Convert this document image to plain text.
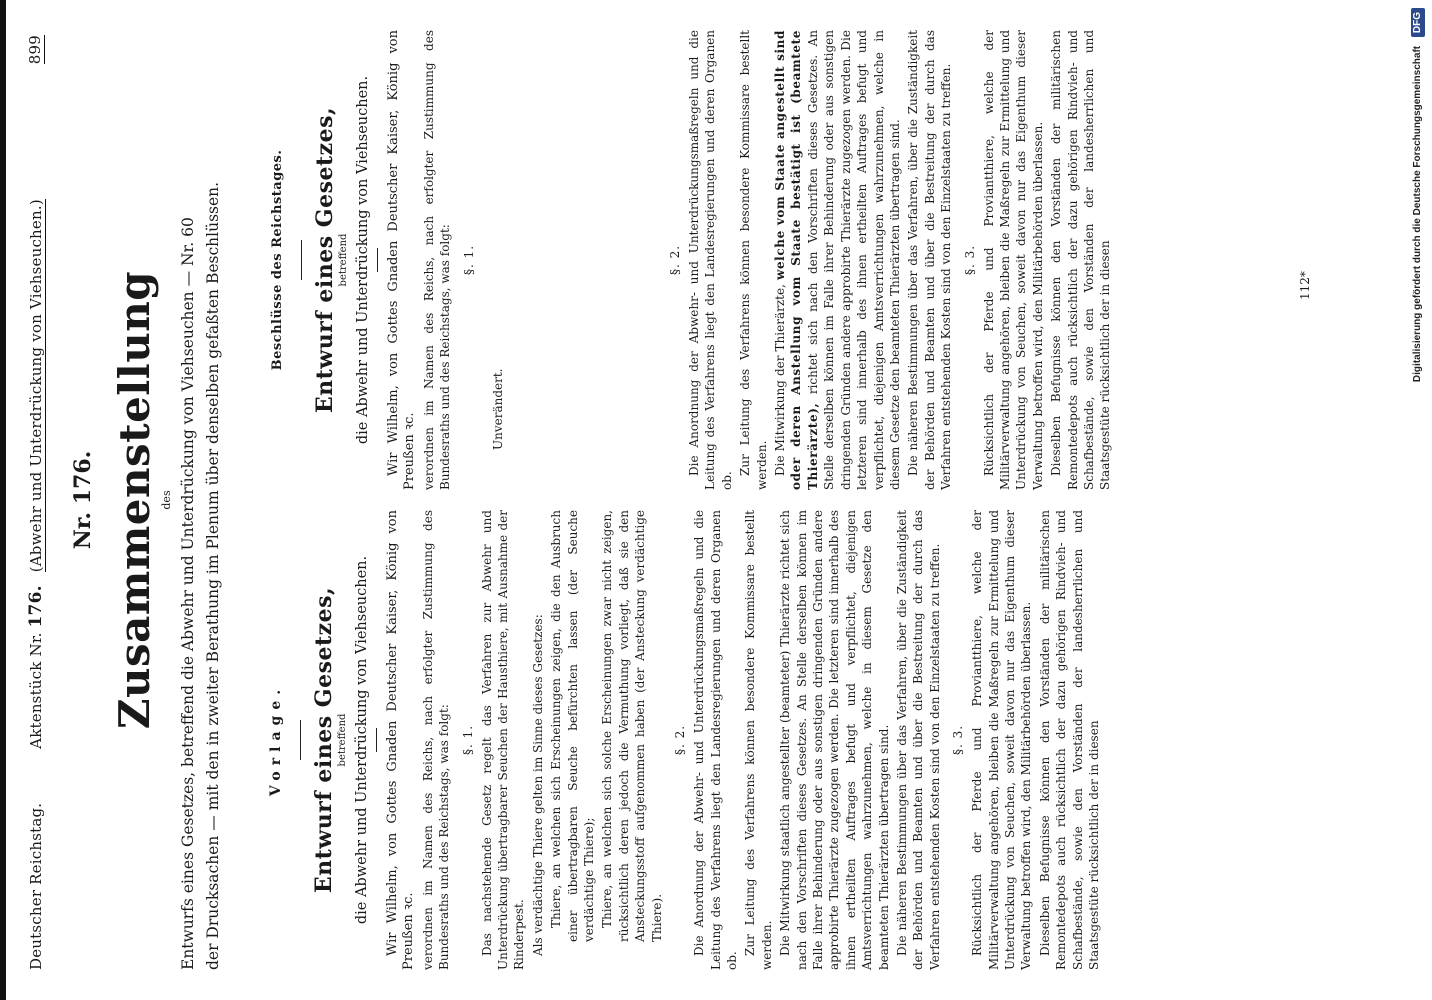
Deutscher Reichstag.  Aktenstück Nr. 176. (Abwehr und Unterdrückung von Viehseuchen.)
899
Nr. 176. Zusammenstellung des Entwurfs eines Gesetzes, betreffend die Abwehr und Unterdrückung von Viehseuchen — Nr. 60 der Drucksachen — mit den in zweiter Berathung im Plenum über denselben gefaßten Beschlüssen.	Vorlage. Entwurf eines Gesetzes, betreffend die Abwehr und Unterdrückung von Viehseuchen. Wir Wilhelm, von Gottes Gnaden Deutscher Kaiser, König von Preußen ꝛc. verordnen im Namen des Reichs, nach erfolgter Zustimmung des Bundesraths und des Reichstags, was folgt: §. 1. Das nachstehende Gesetz regelt das Verfahren zur Abwehr und Unterdrückung übertragbarer Seuchen der Hausthiere, mit Ausnahme der Rinderpest. Als verdächtige Thiere gelten im Sinne dieses Gesetzes: Thiere, an welchen sich Erscheinungen zeigen, die den Ausbruch einer übertragbaren Seuche befürchten lassen (der Seuche verdächtige Thiere); Thiere, an welchen sich solche Erscheinungen zwar nicht zeigen, rücksichtlich deren jedoch die Vermuthung vorliegt, daß sie den Ansteckungsstoff aufgenommen haben (der Ansteckung verdächtige Thiere).
§. 2. Die Anordnung der Abwehr- und Unterdrückungsmaßregeln und die Leitung des Verfahrens liegt den Landesregierungen und deren Organen ob.
Zur Leitung des Verfahrens können besondere Kommissare bestellt werden. Die Mitwirkung staatlich angestellter (beamteter) Thierärzte richtet sich nach den Vorschriften dieses Gesetzes. An Stelle derselben können im Falle ihrer Behinderung oder aus sonstigen dringenden Gründen andere approbirte Thierärzte zugezogen werden. Die letzteren sind innerhalb des ihnen ertheilten Auftrages befugt und verpflichtet, diejenigen Amtsverrichtungen wahrzunehmen, welche in diesem Gesetze den beamteten Thierärzten übertragen sind. Die näheren Bestimmungen über das Verfahren, über die Zuständigkeit der Behörden und Beamten und über die Bestreitung der durch das Verfahren entstehenden Kosten sind von den Einzelstaaten zu treffen. §. 3. Rücksichtlich der Pferde und Proviantthiere, welche der Militärverwaltung angehören, bleiben die Maßregeln zur Ermittelung und Unterdrückung von Seuchen, soweit davon nur das Eigenthum dieser Verwaltung betroffen wird, den Militärbehörden überlassen. Dieselben Befugnisse können den Vorständen der militärischen Remontedepots auch rücksichtlich der dazu gehörigen Rindvieh- und Schafbestände, sowie den Vorständen der landesherrlichen und Staatsgestüte rücksichtlich der in diesen
Beschlüsse des Reichstages. Entwurf eines Gesetzes, betreffend die Abwehr und Unterdrückung von Viehseuchen. Wir Wilhelm, von Gottes Gnaden Deutscher Kaiser, König von Preußen ꝛc. verordnen im Namen des Reichs, nach erfolgter Zustimmung des Bundesraths und des Reichstags, was folgt: §. 1.
Unverändert.
§. 2. Die Anordnung der Abwehr- und Unterdrückungsmaßregeln und die Leitung des Verfahrens liegt den Landesregierungen und deren Organen ob.
Zur Leitung des Verfahrens können besondere Kommissare bestellt werden. Die Mitwirkung der Thierärzte, welche vom Staate angestellt sind oder deren Anstellung vom Staate bestätigt ist (beamtete Thierärzte), richtet sich nach den Vorschriften dieses Gesetzes. An Stelle derselben können im Falle ihrer Behinderung oder aus sonstigen dringenden Gründen andere approbirte Thierärzte zugezogen werden. Die letzteren sind innerhalb des ihnen ertheilten Auftrages befugt und verpflichtet, diejenigen Amtsverrichtungen wahrzunehmen, welche in diesem Gesetze den beamteten Thierärzten übertragen sind. Die näheren Bestimmungen über das Verfahren, über die Zuständigkeit der Behörden und Beamten und über die Bestreitung der durch das Verfahren entstehenden Kosten sind von den Einzelstaaten zu treffen. §. 3. Rücksichtlich der Pferde und Proviantthiere, welche der Militärverwaltung angehören, bleiben die Maßregeln zur Ermittelung und Unterdrückung von Seuchen, soweit davon nur das Eigenthum dieser Verwaltung betroffen wird, den Militärbehörden überlassen. Dieselben Befugnisse können den Vorständen der militärischen Remontedepots auch rücksichtlich der dazu gehörigen Rindvieh- und Schafbestände, sowie den Vorständen der landesherrlichen und Staatsgestüte rücksichtlich der in diesen	112*	Digitalisierung gefördert durch die Deutsche Forschungsgemeinschaft DFG
